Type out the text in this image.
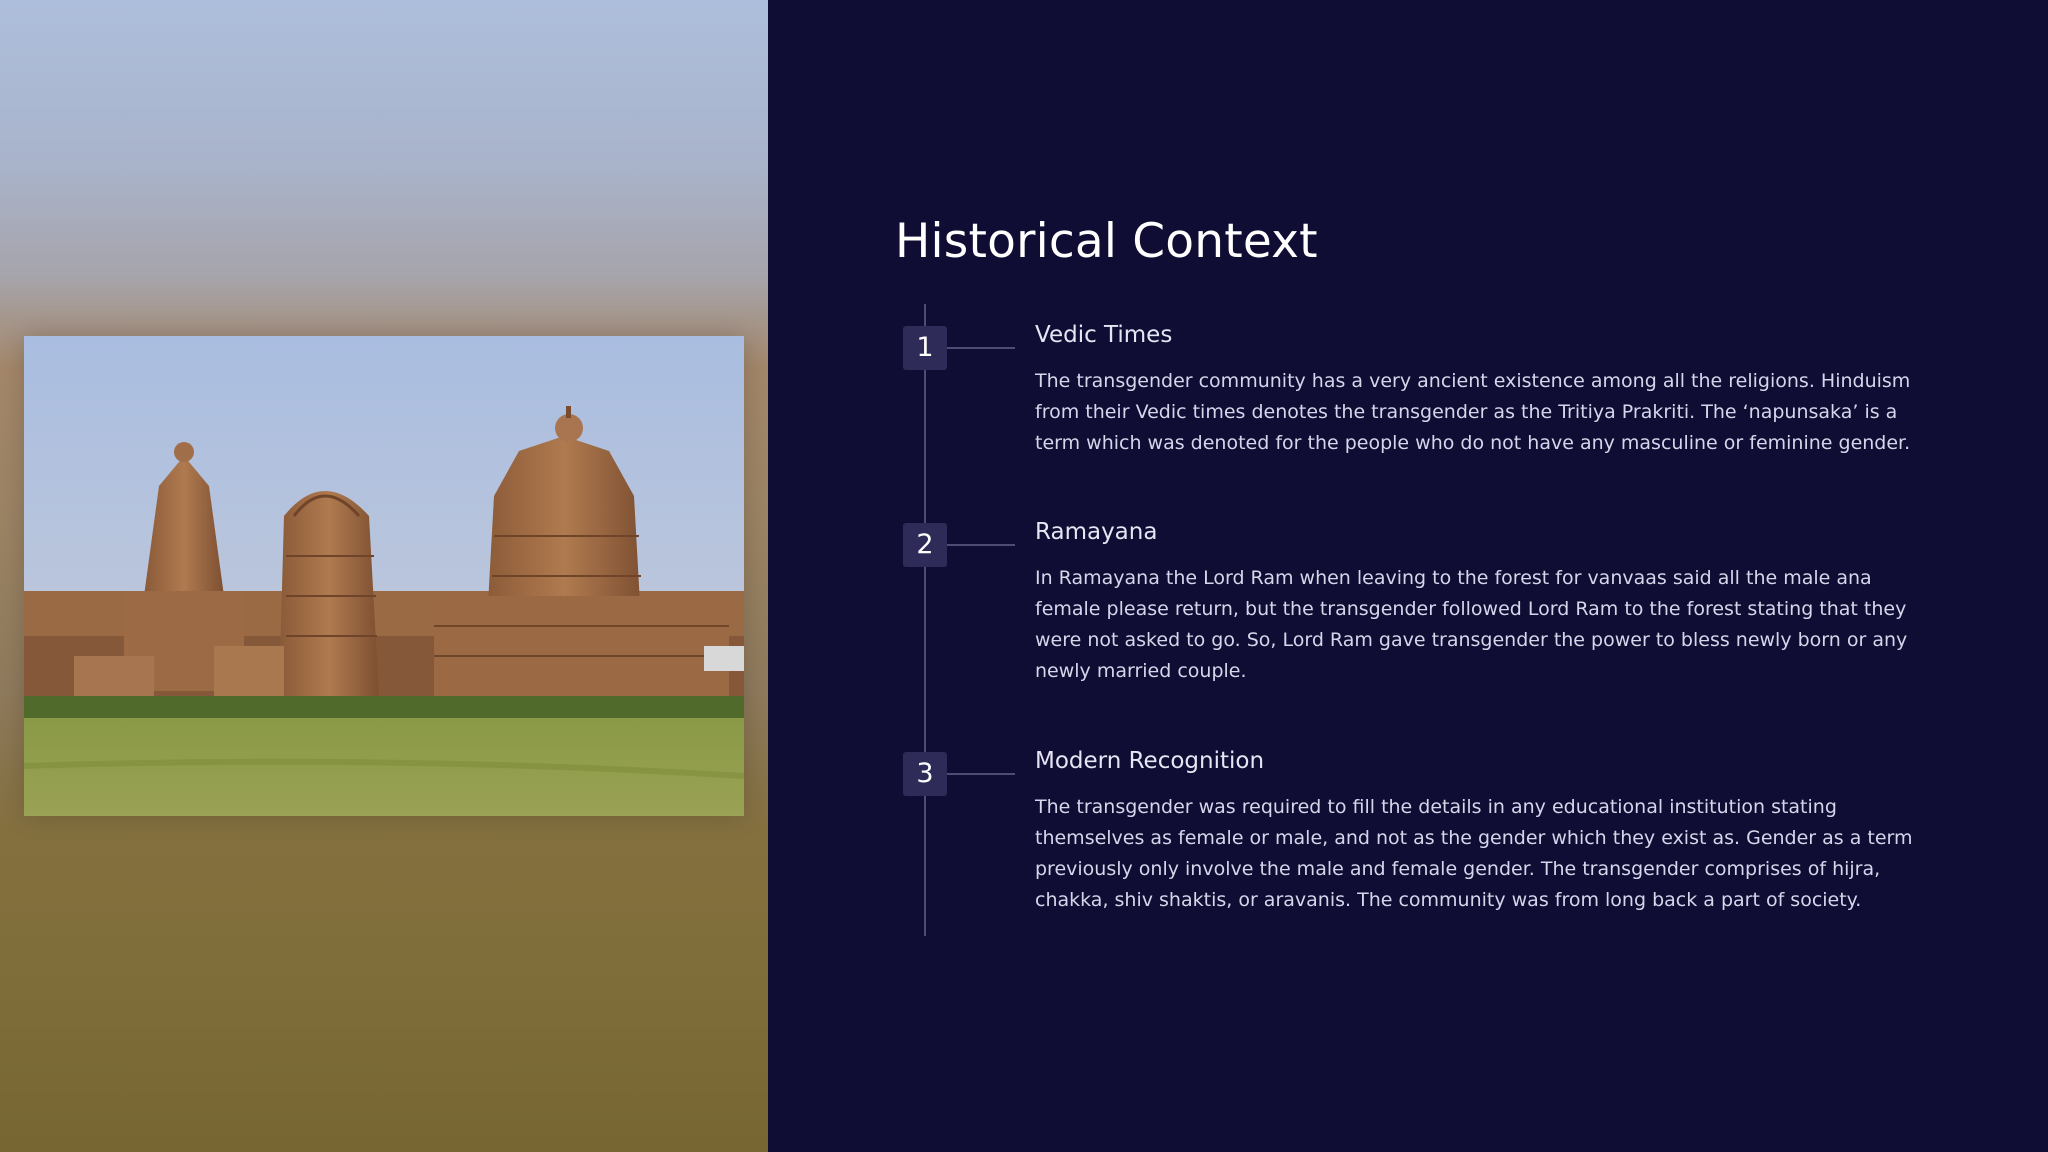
Historical Context
1	Vedic Times

The transgender community has a very ancient existence among all the religions. Hinduism from their Vedic times denotes the transgender as the Tritiya Prakriti. The ‘napunsaka’ is a term which was denoted for the people who do not have any masculine or feminine gender.

2	Ramayana

In Ramayana the Lord Ram when leaving to the forest for vanvaas said all the male ana female please return, but the transgender followed Lord Ram to the forest stating that they were not asked to go. So, Lord Ram gave transgender the power to bless newly born or any newly married couple.

3	Modern Recognition

The transgender was required to fill the details in any educational institution stating themselves as female or male, and not as the gender which they exist as. Gender as a term previously only involve the male and female gender. The transgender comprises of hijra, chakka, shiv shaktis, or aravanis. The community was from long back a part of society.
